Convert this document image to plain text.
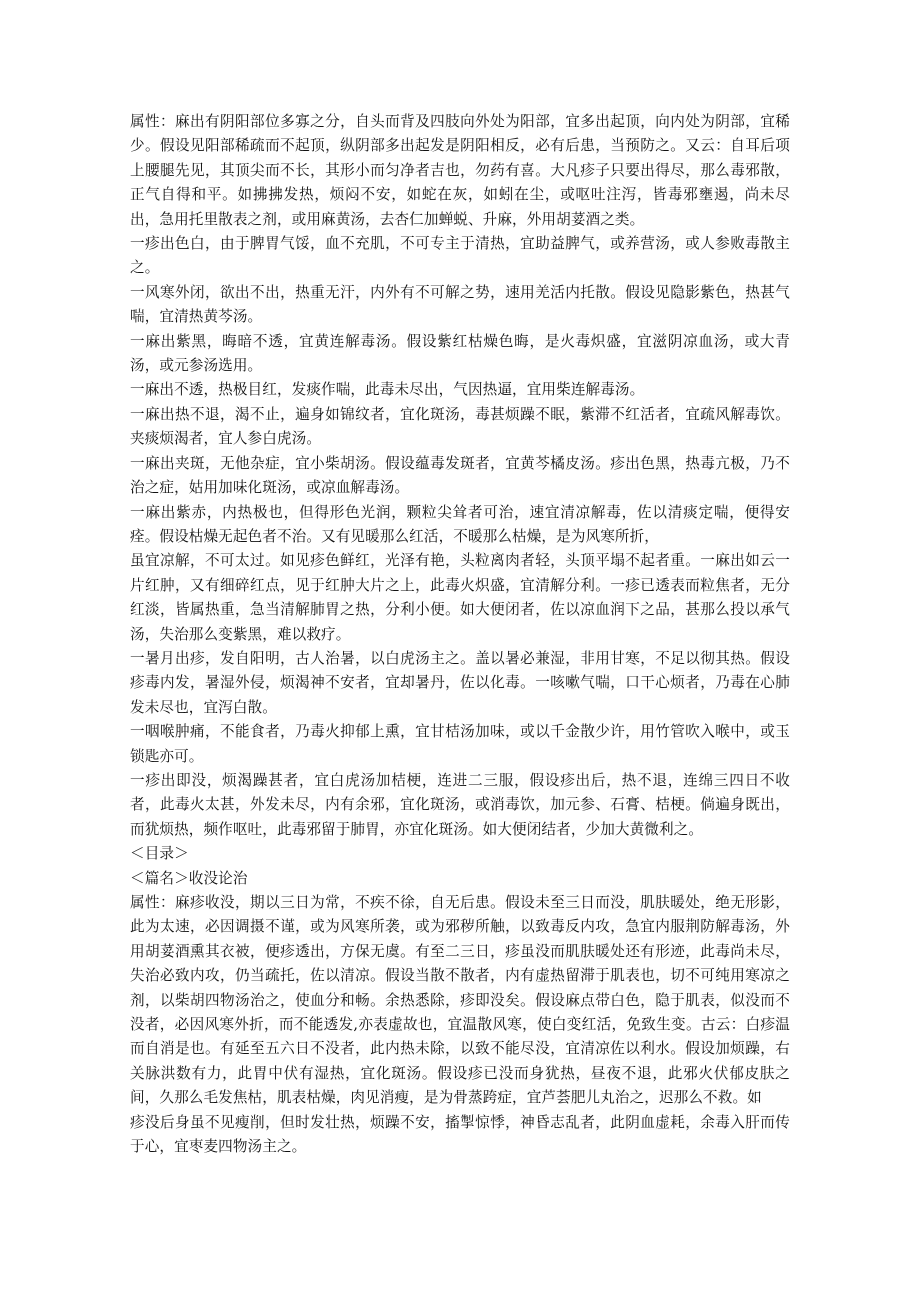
属性：麻出有阴阳部位多寡之分，自头而背及四肢向外处为阳部，宜多出起顶，向内处为阴部，宜稀少。假设见阳部稀疏而不起顶，纵阴部多出起发是阴阳相反，必有后患，当预防之。又云：自耳后项上腰腿先见，其顶尖而不长，其形小而匀净者吉也，勿药有喜。大凡疹子只要出得尽，那么毒邪散，正气自得和平。如拂拂发热，烦闷不安，如蛇在灰，如蚓在尘，或呕吐注泻，皆毒邪壅遏，尚未尽出，急用托里散表之剂，或用麻黄汤，去杏仁加蝉蜕、升麻，外用胡荽酒之类。

一疹出色白，由于脾胃气馁，血不充肌，不可专主于清热，宜助益脾气，或养营汤，或人参败毒散主之。

一风寒外闭，欲出不出，热重无汗，内外有不可解之势，速用羌活内托散。假设见隐影紫色，热甚气喘，宜清热黄芩汤。

一麻出紫黑，晦暗不透，宜黄连解毒汤。假设紫红枯燥色晦，是火毒炽盛，宜滋阴凉血汤，或大青汤，或元参汤选用。

一麻出不透，热极目红，发痰作喘，此毒未尽出，气因热逼，宜用柴连解毒汤。

一麻出热不退，渴不止，遍身如锦纹者，宜化斑汤，毒甚烦躁不眠，紫滞不红活者，宜疏风解毒饮。夹痰烦渴者，宜人参白虎汤。

一麻出夹斑，无他杂症，宜小柴胡汤。假设蕴毒发斑者，宜黄芩橘皮汤。疹出色黑，热毒亢极，乃不治之症，姑用加味化斑汤，或凉血解毒汤。

一麻出紫赤，内热极也，但得形色光润，颗粒尖耸者可治，速宜清凉解毒，佐以清痰定喘，便得安痊。假设枯燥无起色者不治。又有见暖那么红活，不暖那么枯燥，是为风寒所折，

虽宜凉解，不可太过。如见疹色鲜红，光泽有艳，头粒离肉者轻，头顶平塌不起者重。一麻出如云一片红肿，又有细碎红点，见于红肿大片之上，此毒火炽盛，宜清解分利。一疹已透表而粒焦者，无分红淡，皆属热重，急当清解肺胃之热，分利小便。如大便闭者，佐以凉血润下之品，甚那么投以承气汤，失治那么变紫黑，难以救疗。

一暑月出疹，发自阳明，古人治暑，以白虎汤主之。盖以暑必兼湿，非用甘寒，不足以彻其热。假设疹毒内发，暑湿外侵，烦渴神不安者，宜却暑丹，佐以化毒。一咳嗽气喘，口干心烦者，乃毒在心肺发未尽也，宜泻白散。

一咽喉肿痛，不能食者，乃毒火抑郁上熏，宜甘桔汤加味，或以千金散少许，用竹管吹入喉中，或玉锁匙亦可。

一疹出即没，烦渴躁甚者，宜白虎汤加桔梗，连进二三服，假设疹出后，热不退，连绵三四日不收者，此毒火太甚，外发未尽，内有余邪，宜化斑汤，或消毒饮，加元参、石膏、桔梗。倘遍身既出，而犹烦热，频作呕吐，此毒邪留于肺胃，亦宜化斑汤。如大便闭结者，少加大黄微利之。

＜目录＞

＜篇名＞收没论治

属性：麻疹收没，期以三日为常，不疾不徐，自无后患。假设未至三日而没，肌肤暖处，绝无形影，此为太速，必因调摄不谨，或为风寒所袭，或为邪秽所触，以致毒反内攻，急宜内服荆防解毒汤，外用胡荽酒熏其衣被，便疹透出，方保无虞。有至二三日，疹虽没而肌肤暖处还有形迹，此毒尚未尽，失治必致内攻，仍当疏托，佐以清凉。假设当散不散者，内有虚热留滞于肌表也，切不可纯用寒凉之剂，以柴胡四物汤治之，使血分和畅。余热悉除，疹即没矣。假设麻点带白色，隐于肌表，似没而不没者，必因风寒外折，而不能透发,亦表虚故也，宜温散风寒，使白变红活，免致生变。古云：白疹温而自消是也。有延至五六日不没者，此内热未除，以致不能尽没，宜清凉佐以利水。假设加烦躁，右关脉洪数有力，此胃中伏有湿热，宜化斑汤。假设疹已没而身犹热，昼夜不退，此邪火伏郁皮肤之间，久那么毛发焦枯，肌表枯燥，肉见消瘦，是为骨蒸跨症，宜芦荟肥儿丸治之，迟那么不救。如

疹没后身虽不见瘦削，但时发壮热，烦躁不安，搐掣惊悸，神昏志乱者，此阴血虚耗，余毒入肝而传于心，宜枣麦四物汤主之。
